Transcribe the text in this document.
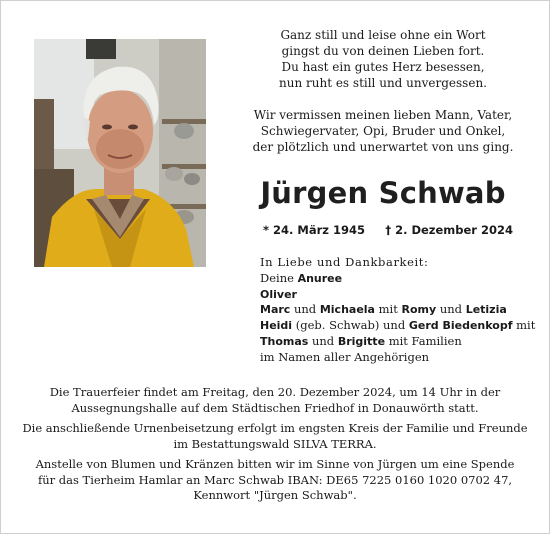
Ganz still und leise ohne ein Wort
gingst du von deinen Lieben fort.
Du hast ein gutes Herz besessen,
nun ruht es still und unvergessen.
Wir vermissen meinen lieben Mann, Vater,
Schwiegervater, Opi, Bruder und Onkel,
der plötzlich und unerwartet von uns ging.
Jürgen Schwab
* 24. März 1945 † 2. Dezember 2024
In Liebe und Dankbarkeit:
Deine Anuree
Oliver
Marc und Michaela mit Romy und Letizia
Heidi (geb. Schwab) und Gerd Biedenkopf mit
Thomas und Brigitte mit Familien
im Namen aller Angehörigen

Die Trauerfeier findet am Freitag, den 20. Dezember 2024, um 14 Uhr in der
Aussegnungshalle auf dem Städtischen Friedhof in Donauwörth statt.

Die anschließende Urnenbeisetzung erfolgt im engsten Kreis der Familie und Freunde
im Bestattungswald SILVA TERRA.

Anstelle von Blumen und Kränzen bitten wir im Sinne von Jürgen um eine Spende
für das Tierheim Hamlar an Marc Schwab IBAN: DE65 7225 0160 1020 0702 47,
Kennwort "Jürgen Schwab".
